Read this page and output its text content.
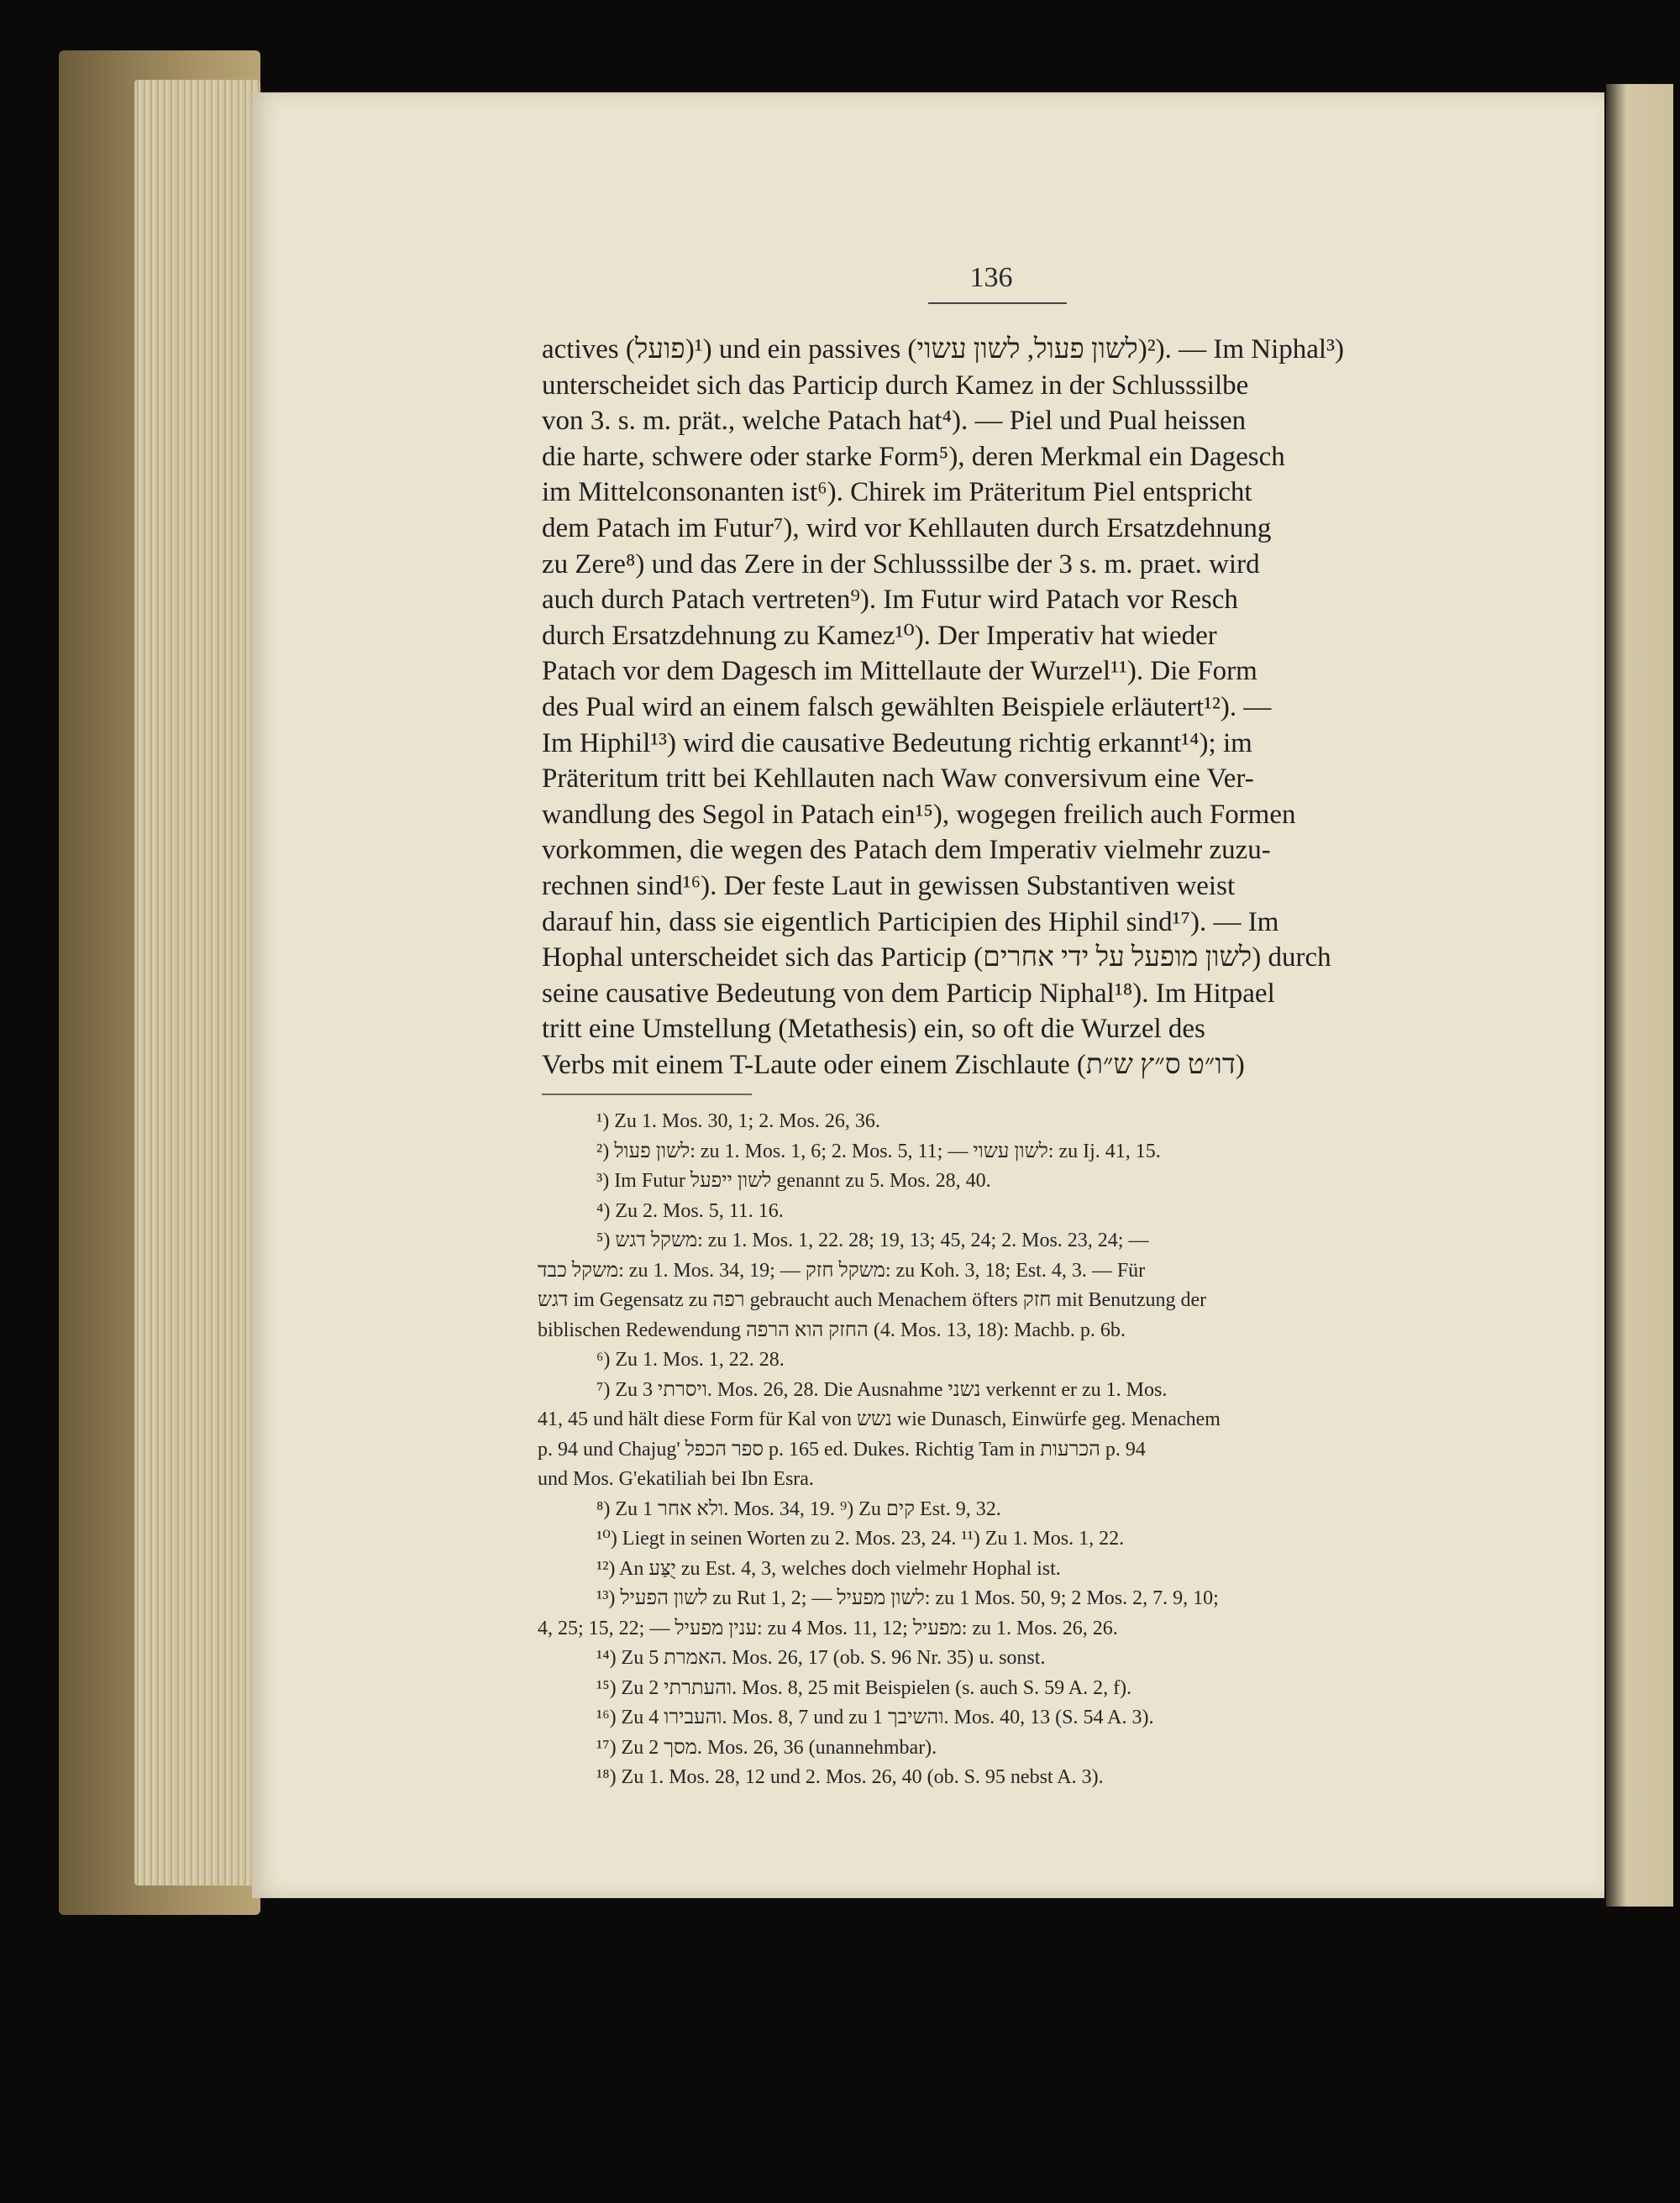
136
actives (פועל)¹) und ein passives (לשון פעול, לשון עשוי)²). — Im Niphal³)
unterscheidet sich das Particip durch Kamez in der Schlusssilbe
von 3. s. m. prät., welche Patach hat⁴). — Piel und Pual heissen
die harte, schwere oder starke Form⁵), deren Merkmal ein Dagesch
im Mittelconsonanten ist⁶). Chirek im Präteritum Piel entspricht
dem Patach im Futur⁷), wird vor Kehllauten durch Ersatzdehnung
zu Zere⁸) und das Zere in der Schlusssilbe der 3 s. m. praet. wird
auch durch Patach vertreten⁹). Im Futur wird Patach vor Resch
durch Ersatzdehnung zu Kamez¹⁰). Der Imperativ hat wieder
Patach vor dem Dagesch im Mittellaute der Wurzel¹¹). Die Form
des Pual wird an einem falsch gewählten Beispiele erläutert¹²). —
Im Hiphil¹³) wird die causative Bedeutung richtig erkannt¹⁴); im
Präteritum tritt bei Kehllauten nach Waw conversivum eine Ver-
wandlung des Segol in Patach ein¹⁵), wogegen freilich auch Formen
vorkommen, die wegen des Patach dem Imperativ vielmehr zuzu-
rechnen sind¹⁶). Der feste Laut in gewissen Substantiven weist
darauf hin, dass sie eigentlich Participien des Hiphil sind¹⁷). — Im
Hophal unterscheidet sich das Particip (לשון מופעל על ידי אחרים) durch
seine causative Bedeutung von dem Particip Niphal¹⁸). Im Hitpael
tritt eine Umstellung (Metathesis) ein, so oft die Wurzel des
Verbs mit einem T-Laute oder einem Zischlaute (דו״ט ס״ץ ש״ת)
¹) Zu 1. Mos. 30, 1; 2. Mos. 26, 36.
²) לשון פעול: zu 1. Mos. 1, 6; 2. Mos. 5, 11; — לשון עשוי: zu Ij. 41, 15.
³) Im Futur לשון ייפעל genannt zu 5. Mos. 28, 40.
⁴) Zu 2. Mos. 5, 11. 16.
⁵) משקל דגש: zu 1. Mos. 1, 22. 28; 19, 13; 45, 24; 2. Mos. 23, 24; —
משקל כבד: zu 1. Mos. 34, 19; — משקל חזק: zu Koh. 3, 18; Est. 4, 3. — Für
דגש im Gegensatz zu רפה gebraucht auch Menachem öfters חזק mit Benutzung der
biblischen Redewendung החזק הוא הרפה (4. Mos. 13, 18): Machb. p. 6b.
⁶) Zu 1. Mos. 1, 22. 28.
⁷) Zu ויסרתי 3. Mos. 26, 28. Die Ausnahme נשני verkennt er zu 1. Mos.
41, 45 und hält diese Form für Kal von נשש wie Dunasch, Einwürfe geg. Menachem
p. 94 und Chajug' ספר הכפל p. 165 ed. Dukes. Richtig Tam in הכרעות p. 94
und Mos. G'ekatiliah bei Ibn Esra.
⁸) Zu ולא אחר 1. Mos. 34, 19. ⁹) Zu קים Est. 9, 32.
¹⁰) Liegt in seinen Worten zu 2. Mos. 23, 24. ¹¹) Zu 1. Mos. 1, 22.
¹²) An יֻצַּע zu Est. 4, 3, welches doch vielmehr Hophal ist.
¹³) לשון הפעיל zu Rut 1, 2; — לשון מפעיל: zu 1 Mos. 50, 9; 2 Mos. 2, 7. 9, 10;
4, 25; 15, 22; — ענין מפעיל: zu 4 Mos. 11, 12; מפעיל: zu 1. Mos. 26, 26.
¹⁴) Zu האמרת 5. Mos. 26, 17 (ob. S. 96 Nr. 35) u. sonst.
¹⁵) Zu והעתרתי 2. Mos. 8, 25 mit Beispielen (s. auch S. 59 A. 2, f).
¹⁶) Zu והעבירו 4. Mos. 8, 7 und zu והשיבך 1. Mos. 40, 13 (S. 54 A. 3).
¹⁷) Zu מסך 2. Mos. 26, 36 (unannehmbar).
¹⁸) Zu 1. Mos. 28, 12 und 2. Mos. 26, 40 (ob. S. 95 nebst A. 3).
